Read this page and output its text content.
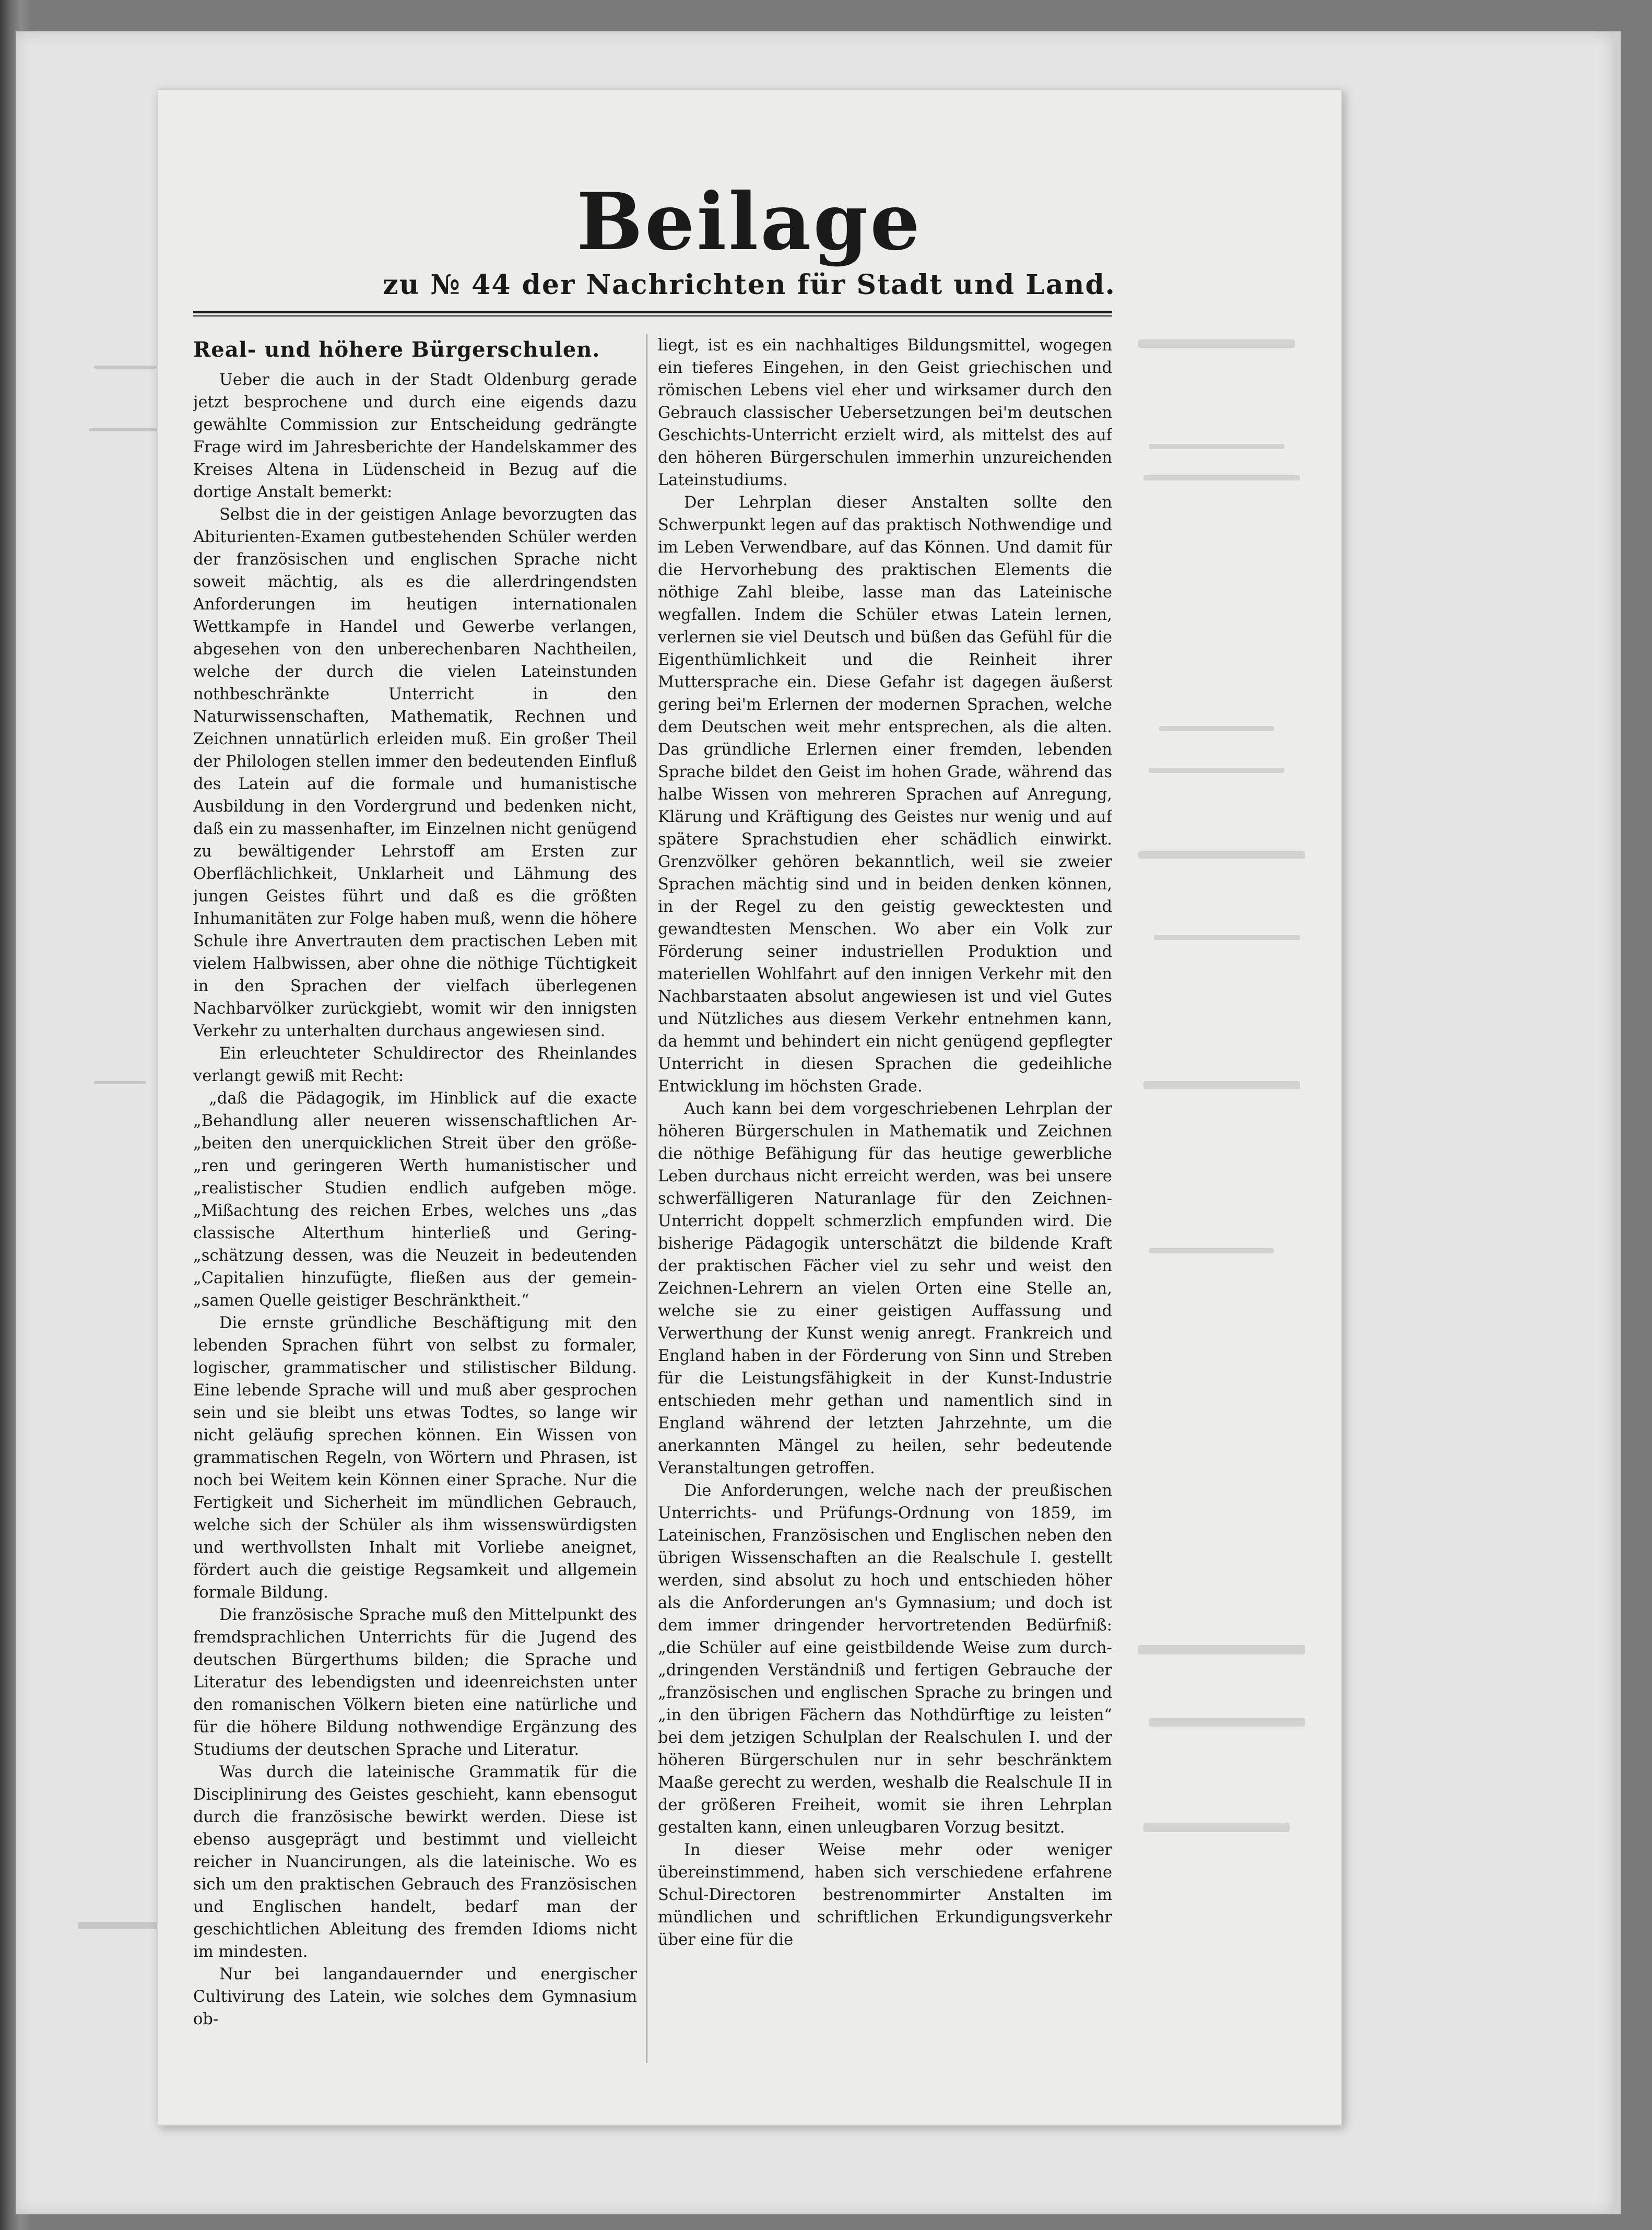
Beilage
zu № 44 der Nachrichten für Stadt und Land.
Real- und höhere Bürgerschulen.

Ueber die auch in der Stadt Oldenburg gerade jetzt besprochene und durch eine eigends dazu gewählte Commission zur Entscheidung gedrängte Frage wird im Jahresberichte der Handelskammer des Kreises Altena in Lüdenscheid in Bezug auf die dortige Anstalt bemerkt:

Selbst die in der geistigen Anlage bevorzugten das Abiturienten-Examen gutbestehenden Schüler werden der französischen und englischen Sprache nicht soweit mächtig, als es die allerdringendsten Anforderungen im heutigen internationalen Wettkampfe in Handel und Gewerbe verlangen, abgesehen von den unberechenbaren Nachtheilen, welche der durch die vielen Lateinstunden nothbeschränkte Unterricht in den Naturwissenschaften, Mathematik, Rechnen und Zeichnen unnatürlich erleiden muß. Ein großer Theil der Philologen stellen immer den bedeutenden Einfluß des Latein auf die formale und humanistische Ausbildung in den Vordergrund und bedenken nicht, daß ein zu massenhafter, im Einzelnen nicht genügend zu bewältigender Lehrstoff am Ersten zur Oberflächlichkeit, Unklarheit und Lähmung des jungen Geistes führt und daß es die größten Inhumanitäten zur Folge haben muß, wenn die höhere Schule ihre Anvertrauten dem practischen Leben mit vielem Halbwissen, aber ohne die nöthige Tüchtigkeit in den Sprachen der vielfach überlegenen Nachbarvölker zurückgiebt, womit wir den innigsten Verkehr zu unterhalten durchaus angewiesen sind.

Ein erleuchteter Schuldirector des Rheinlandes verlangt gewiß mit Recht:

„daß die Pädagogik, im Hinblick auf die exacte „Behandlung aller neueren wissenschaftlichen Ar- „beiten den unerquicklichen Streit über den größe- „ren und geringeren Werth humanistischer und „realistischer Studien endlich aufgeben möge. „Mißachtung des reichen Erbes, welches uns „das classische Alterthum hinterließ und Gering- „schätzung dessen, was die Neuzeit in bedeutenden „Capitalien hinzufügte, fließen aus der gemein- „samen Quelle geistiger Beschränktheit.“

Die ernste gründliche Beschäftigung mit den lebenden Sprachen führt von selbst zu formaler, logischer, grammatischer und stilistischer Bildung. Eine lebende Sprache will und muß aber gesprochen sein und sie bleibt uns etwas Todtes, so lange wir nicht geläufig sprechen können. Ein Wissen von grammatischen Regeln, von Wörtern und Phrasen, ist noch bei Weitem kein Können einer Sprache. Nur die Fertigkeit und Sicherheit im mündlichen Gebrauch, welche sich der Schüler als ihm wissenswürdigsten und werthvollsten Inhalt mit Vorliebe aneignet, fördert auch die geistige Regsamkeit und allgemein formale Bildung.

Die französische Sprache muß den Mittelpunkt des fremdsprachlichen Unterrichts für die Jugend des deutschen Bürgerthums bilden; die Sprache und Literatur des lebendigsten und ideenreichsten unter den romanischen Völkern bieten eine natürliche und für die höhere Bildung nothwendige Ergänzung des Studiums der deutschen Sprache und Literatur.

Was durch die lateinische Grammatik für die Disciplinirung des Geistes geschieht, kann ebensogut durch die französische bewirkt werden. Diese ist ebenso ausgeprägt und bestimmt und vielleicht reicher in Nuancirungen, als die lateinische. Wo es sich um den praktischen Gebrauch des Französischen und Englischen handelt, bedarf man der geschichtlichen Ableitung des fremden Idioms nicht im mindesten.

Nur bei langandauernder und energischer Cultivirung des Latein, wie solches dem Gymnasium ob-

liegt, ist es ein nachhaltiges Bildungsmittel, wogegen ein tieferes Eingehen, in den Geist griechischen und römischen Lebens viel eher und wirksamer durch den Gebrauch classischer Uebersetzungen bei'm deutschen Geschichts-Unterricht erzielt wird, als mittelst des auf den höheren Bürgerschulen immerhin unzureichenden Lateinstudiums.

Der Lehrplan dieser Anstalten sollte den Schwerpunkt legen auf das praktisch Nothwendige und im Leben Verwendbare, auf das Können. Und damit für die Hervorhebung des praktischen Elements die nöthige Zahl bleibe, lasse man das Lateinische wegfallen. Indem die Schüler etwas Latein lernen, verlernen sie viel Deutsch und büßen das Gefühl für die Eigenthümlichkeit und die Reinheit ihrer Muttersprache ein. Diese Gefahr ist dagegen äußerst gering bei'm Erlernen der modernen Sprachen, welche dem Deutschen weit mehr entsprechen, als die alten. Das gründliche Erlernen einer fremden, lebenden Sprache bildet den Geist im hohen Grade, während das halbe Wissen von mehreren Sprachen auf Anregung, Klärung und Kräftigung des Geistes nur wenig und auf spätere Sprachstudien eher schädlich einwirkt. Grenzvölker gehören bekanntlich, weil sie zweier Sprachen mächtig sind und in beiden denken können, in der Regel zu den geistig gewecktesten und gewandtesten Menschen. Wo aber ein Volk zur Förderung seiner industriellen Produktion und materiellen Wohlfahrt auf den innigen Verkehr mit den Nachbarstaaten absolut angewiesen ist und viel Gutes und Nützliches aus diesem Verkehr entnehmen kann, da hemmt und behindert ein nicht genügend gepflegter Unterricht in diesen Sprachen die gedeihliche Entwicklung im höchsten Grade.

Auch kann bei dem vorgeschriebenen Lehrplan der höheren Bürgerschulen in Mathematik und Zeichnen die nöthige Befähigung für das heutige gewerbliche Leben durchaus nicht erreicht werden, was bei unsere schwerfälligeren Naturanlage für den Zeichnen-Unterricht doppelt schmerzlich empfunden wird. Die bisherige Pädagogik unterschätzt die bildende Kraft der praktischen Fächer viel zu sehr und weist den Zeichnen-Lehrern an vielen Orten eine Stelle an, welche sie zu einer geistigen Auffassung und Verwerthung der Kunst wenig anregt. Frankreich und England haben in der Förderung von Sinn und Streben für die Leistungsfähigkeit in der Kunst-Industrie entschieden mehr gethan und namentlich sind in England während der letzten Jahrzehnte, um die anerkannten Mängel zu heilen, sehr bedeutende Veranstaltungen getroffen.

Die Anforderungen, welche nach der preußischen Unterrichts- und Prüfungs-Ordnung von 1859, im Lateinischen, Französischen und Englischen neben den übrigen Wissenschaften an die Realschule I. gestellt werden, sind absolut zu hoch und entschieden höher als die Anforderungen an's Gymnasium; und doch ist dem immer dringender hervortretenden Bedürfniß: „die Schüler auf eine geistbildende Weise zum durch- „dringenden Verständniß und fertigen Gebrauche der „französischen und englischen Sprache zu bringen und „in den übrigen Fächern das Nothdürftige zu leisten“ bei dem jetzigen Schulplan der Realschulen I. und der höheren Bürgerschulen nur in sehr beschränktem Maaße gerecht zu werden, weshalb die Realschule II in der größeren Freiheit, womit sie ihren Lehrplan gestalten kann, einen unleugbaren Vorzug besitzt.

In dieser Weise mehr oder weniger übereinstimmend, haben sich verschiedene erfahrene Schul-Directoren bestrenommirter Anstalten im mündlichen und schriftlichen Erkundigungsverkehr über eine für die
